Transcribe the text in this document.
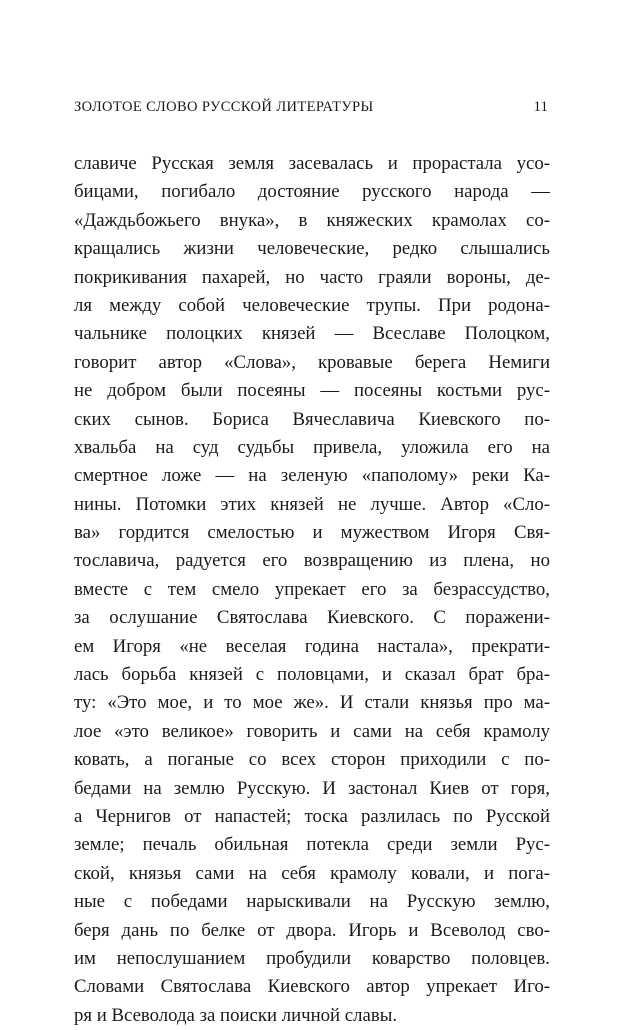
ЗОЛОТОЕ СЛОВО РУССКОЙ ЛИТЕРАТУРЫ	11
славиче Русская земля засевалась и прорастала усо-
бицами, погибало достояние русского народа —
«Даждьбожьего внука», в княжеских крамолах со-
кращались жизни человеческие, редко слышались
покрикивания пахарей, но часто граяли вороны, де-
ля между собой человеческие трупы. При родона-
чальнике полоцких князей — Всеславе Полоцком,
говорит автор «Слова», кровавые берега Немиги
не добром были посеяны — посеяны костьми рус-
ских сынов. Бориса Вячеславича Киевского по-
хвальба на суд судьбы привела, уложила его на
смертное ложе — на зеленую «паполому» реки Ка-
нины. Потомки этих князей не лучше. Автор «Сло-
ва» гордится смелостью и мужеством Игоря Свя-
тославича, радуется его возвращению из плена, но
вместе с тем смело упрекает его за безрассудство,
за ослушание Святослава Киевского. С поражени-
ем Игоря «не веселая година настала», прекрати-
лась борьба князей с половцами, и сказал брат бра-
ту: «Это мое, и то мое же». И стали князья про ма-
лое «это великое» говорить и сами на себя крамолу
ковать, а поганые со всех сторон приходили с по-
бедами на землю Русскую. И застонал Киев от горя,
а Чернигов от напастей; тоска разлилась по Русской
земле; печаль обильная потекла среди земли Рус-
ской, князья сами на себя крамолу ковали, и пога-
ные с победами нарыскивали на Русскую землю,
беря дань по белке от двора. Игорь и Всеволод сво-
им непослушанием пробудили коварство половцев.
Словами Святослава Киевского автор упрекает Иго-
ря и Всеволода за поиски личной славы.
